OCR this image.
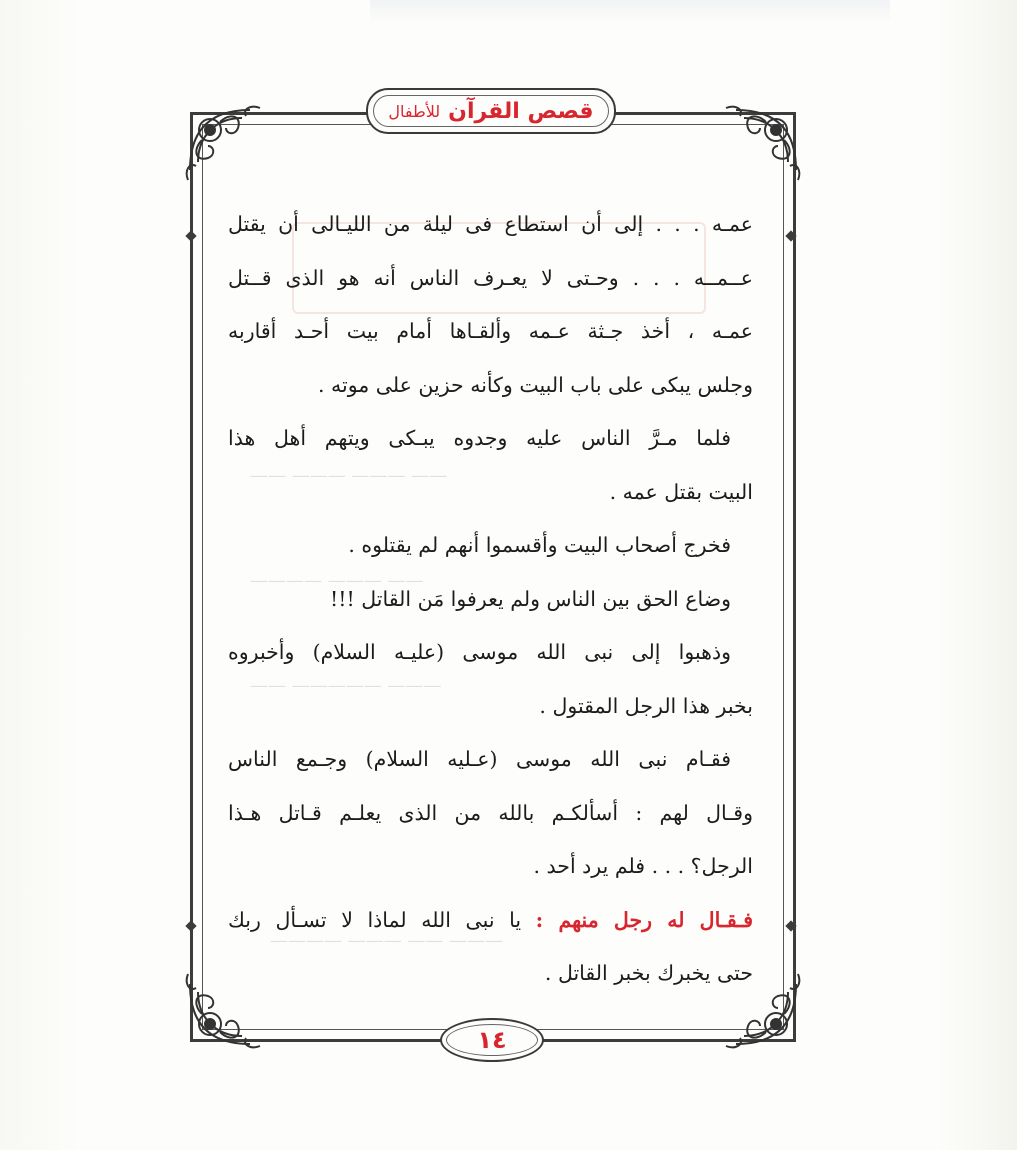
—— ——— ——— ——
———— ——— ——
—— ————— ———
———— ——— —— ———
قصص القرآن
للأطفال
عمـه . . . إلى أن استطاع فى ليلة من الليـالى أن يقتل
عــمــه . . . وحـتى لا يعـرف الناس أنه هو الذى قــتل
عمـه ، أخذ جـثة عـمه وألقـاها أمام بيت أحـد أقاربه
وجلس يبكى على باب البيت وكأنه حزين على موته .
فلما مـرَّ الناس عليه وجدوه يبـكى ويتهم أهل هذا
البيت بقتل عمه .
فخرج أصحاب البيت وأقسموا أنهم لم يقتلوه .
وضاع الحق بين الناس ولم يعرفوا مَن القاتل !!!
وذهبوا إلى نبى الله موسى (عليـه السلام) وأخبروه
بخبر هذا الرجل المقتول .
فقـام نبى الله موسى (عـليه السلام) وجـمع الناس
وقـال لهم : أسألكـم بالله من الذى يعلـم قـاتل هـذا
الرجل؟ . . . فلم يرد أحد .
فـقـال له رجل منهم : يا نبى الله لماذا لا تسـأل ربك
حتى يخبرك بخبر القاتل .
١٤
